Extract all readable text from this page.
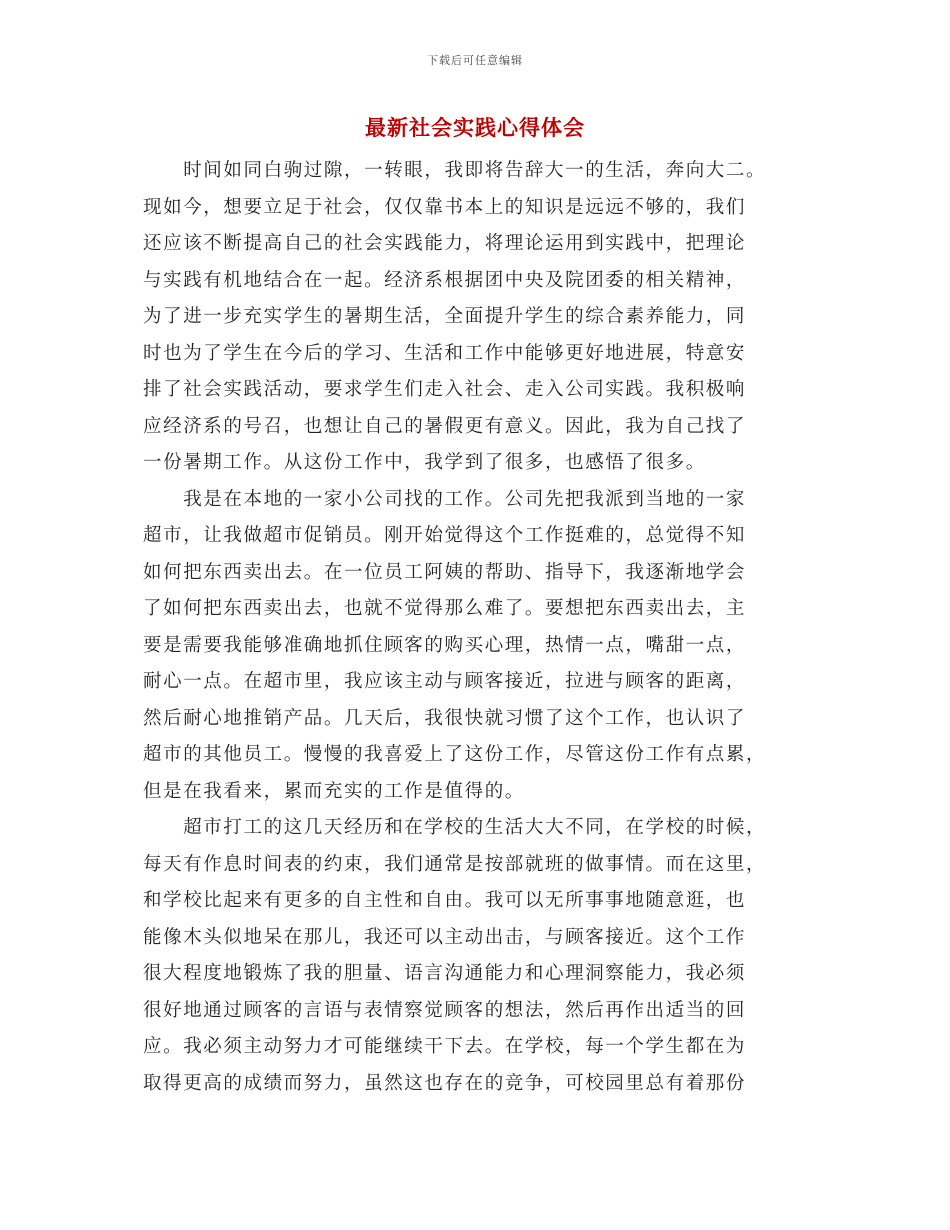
下载后可任意编辑
最新社会实践心得体会

　　时间如同白驹过隙，一转眼，我即将告辞大一的生活，奔向大二。
现如今，想要立足于社会，仅仅靠书本上的知识是远远不够的，我们
还应该不断提高自己的社会实践能力，将理论运用到实践中，把理论
与实践有机地结合在一起。经济系根据团中央及院团委的相关精神，
为了进一步充实学生的暑期生活，全面提升学生的综合素养能力，同
时也为了学生在今后的学习、生活和工作中能够更好地进展，特意安
排了社会实践活动，要求学生们走入社会、走入公司实践。我积极响
应经济系的号召，也想让自己的暑假更有意义。因此，我为自己找了
一份暑期工作。从这份工作中，我学到了很多，也感悟了很多。

　　我是在本地的一家小公司找的工作。公司先把我派到当地的一家
超市，让我做超市促销员。刚开始觉得这个工作挺难的，总觉得不知
如何把东西卖出去。在一位员工阿姨的帮助、指导下，我逐渐地学会
了如何把东西卖出去，也就不觉得那么难了。要想把东西卖出去，主
要是需要我能够准确地抓住顾客的购买心理，热情一点，嘴甜一点，
耐心一点。在超市里，我应该主动与顾客接近，拉进与顾客的距离，
然后耐心地推销产品。几天后，我很快就习惯了这个工作，也认识了
超市的其他员工。慢慢的我喜爱上了这份工作，尽管这份工作有点累，
但是在我看来，累而充实的工作是值得的。

　　超市打工的这几天经历和在学校的生活大大不同，在学校的时候，
每天有作息时间表的约束，我们通常是按部就班的做事情。而在这里，
和学校比起来有更多的自主性和自由。我可以无所事事地随意逛，也
能像木头似地呆在那儿，我还可以主动出击，与顾客接近。这个工作
很大程度地锻炼了我的胆量、语言沟通能力和心理洞察能力，我必须
很好地通过顾客的言语与表情察觉顾客的想法，然后再作出适当的回
应。我必须主动努力才可能继续干下去。在学校，每一个学生都在为
取得更高的成绩而努力，虽然这也存在的竞争，可校园里总有着那份
